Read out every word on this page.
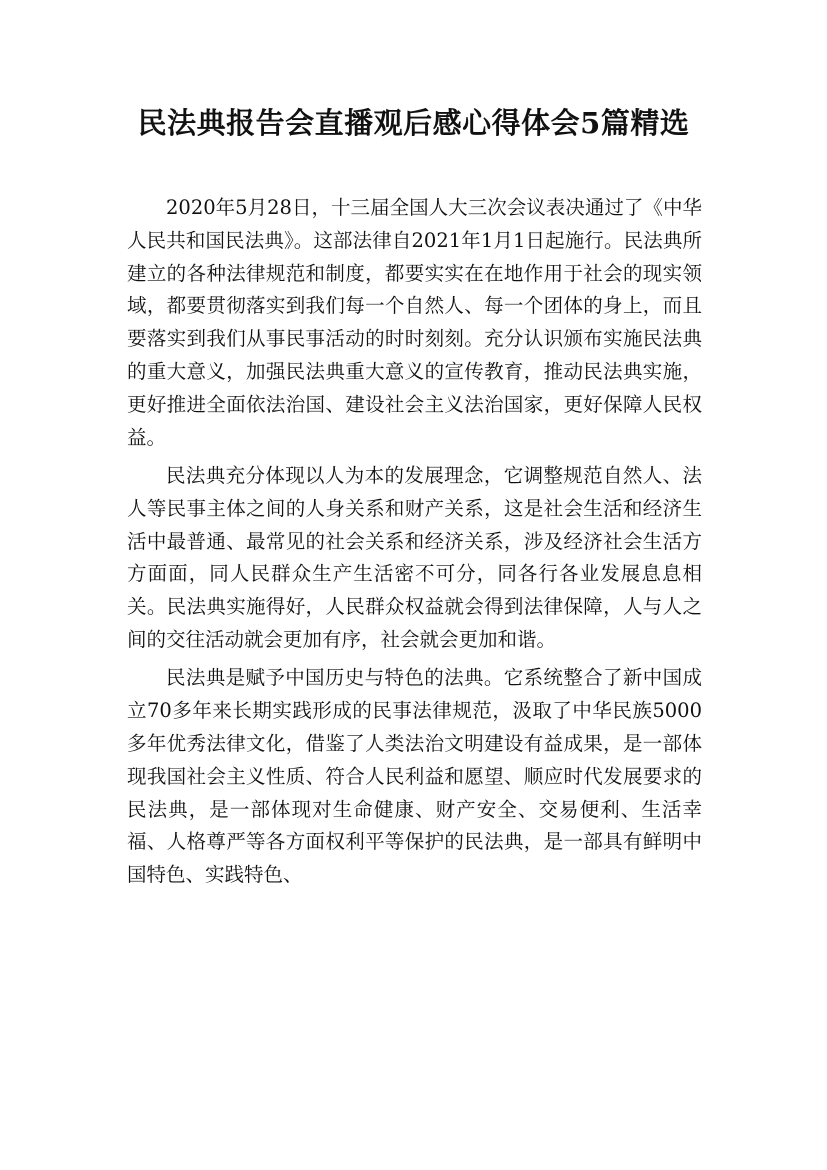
民法典报告会直播观后感心得体会5篇精选

2020年5月28日，十三届全国人大三次会议表决通过了《中华人民共和国民法典》。这部法律自2021年1月1日起施行。民法典所建立的各种法律规范和制度，都要实实在在地作用于社会的现实领域，都要贯彻落实到我们每一个自然人、每一个团体的身上，而且要落实到我们从事民事活动的时时刻刻。充分认识颁布实施民法典的重大意义，加强民法典重大意义的宣传教育，推动民法典实施，更好推进全面依法治国、建设社会主义法治国家，更好保障人民权益。

民法典充分体现以人为本的发展理念，它调整规范自然人、法人等民事主体之间的人身关系和财产关系，这是社会生活和经济生活中最普通、最常见的社会关系和经济关系，涉及经济社会生活方方面面，同人民群众生产生活密不可分，同各行各业发展息息相关。民法典实施得好，人民群众权益就会得到法律保障，人与人之间的交往活动就会更加有序，社会就会更加和谐。

民法典是赋予中国历史与特色的法典。它系统整合了新中国成立70多年来长期实践形成的民事法律规范，汲取了中华民族5000多年优秀法律文化，借鉴了人类法治文明建设有益成果，是一部体现我国社会主义性质、符合人民利益和愿望、顺应时代发展要求的民法典，是一部体现对生命健康、财产安全、交易便利、生活幸福、人格尊严等各方面权利平等保护的民法典，是一部具有鲜明中国特色、实践特色、
